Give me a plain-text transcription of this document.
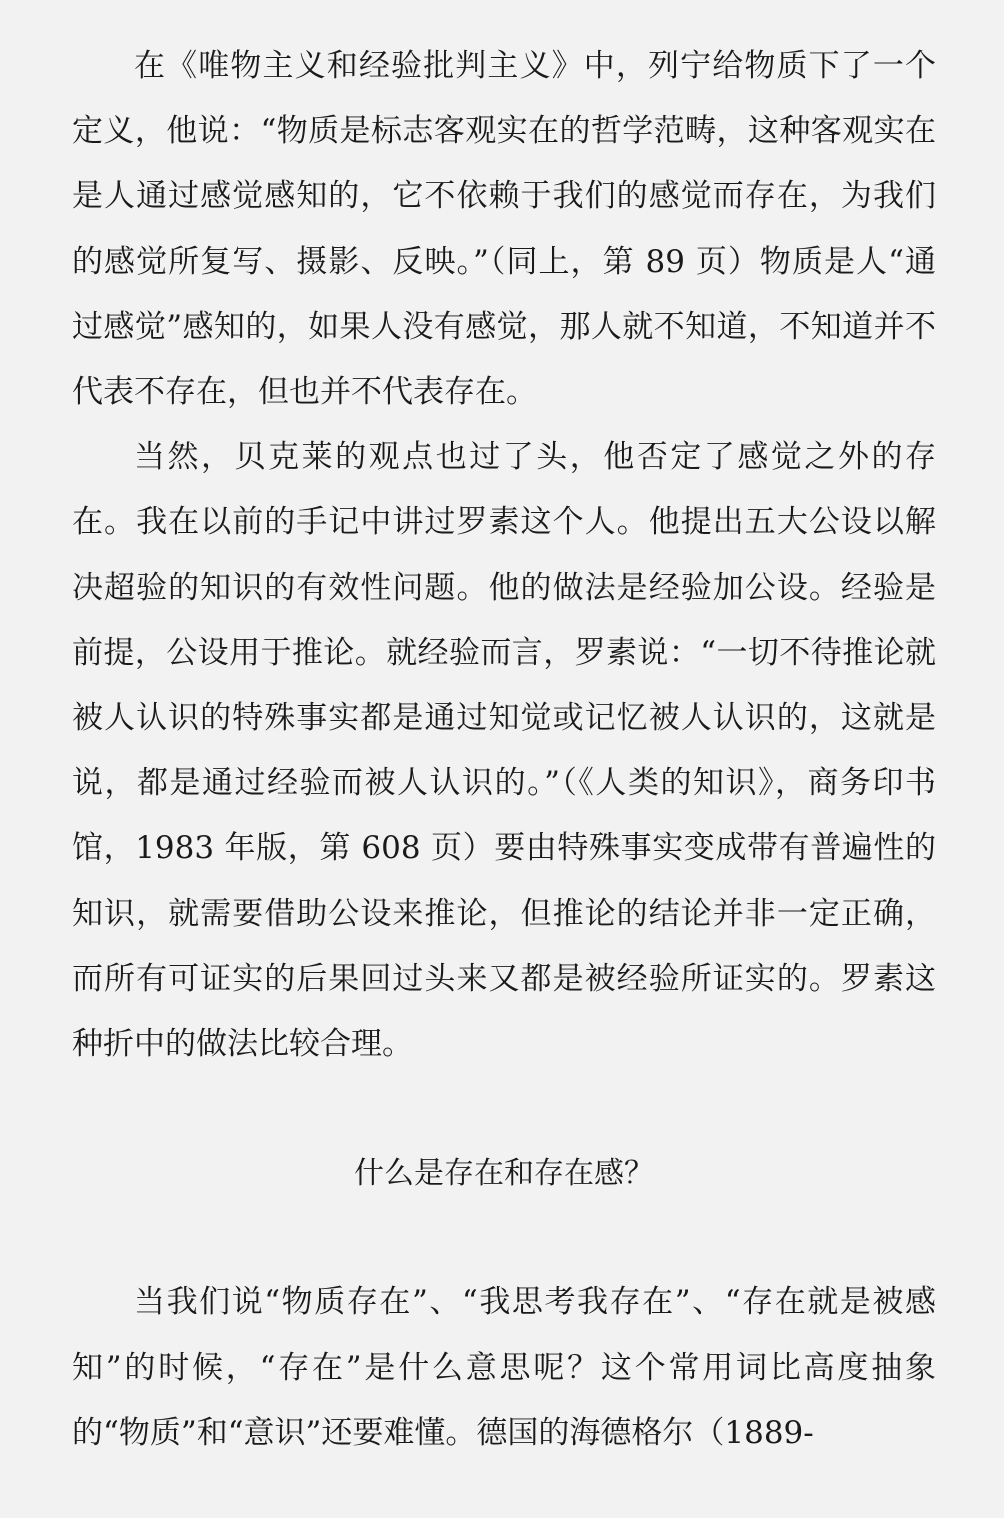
在《唯物主义和经验批判主义》中，列宁给物质下了一个定义，他说：“物质是标志客观实在的哲学范畴，这种客观实在是人通过感觉感知的，它不依赖于我们的感觉而存在，为我们的感觉所复写、摄影、反映。”（同上，第 89 页）物质是人“通过感觉”感知的，如果人没有感觉，那人就不知道，不知道并不代表不存在，但也并不代表存在。

当然，贝克莱的观点也过了头，他否定了感觉之外的存在。我在以前的手记中讲过罗素这个人。他提出五大公设以解决超验的知识的有效性问题。他的做法是经验加公设。经验是前提，公设用于推论。就经验而言，罗素说：“一切不待推论就被人认识的特殊事实都是通过知觉或记忆被人认识的，这就是说，都是通过经验而被人认识的。”（《人类的知识》，商务印书馆，1983 年版，第 608 页）要由特殊事实变成带有普遍性的知识，就需要借助公设来推论，但推论的结论并非一定正确，而所有可证实的后果回过头来又都是被经验所证实的。罗素这种折中的做法比较合理。

什么是存在和存在感？

当我们说“物质存在”、“我思考我存在”、“存在就是被感知”的时候，“存在”是什么意思呢？这个常用词比高度抽象的“物质”和“意识”还要难懂。德国的海德格尔（1889-
